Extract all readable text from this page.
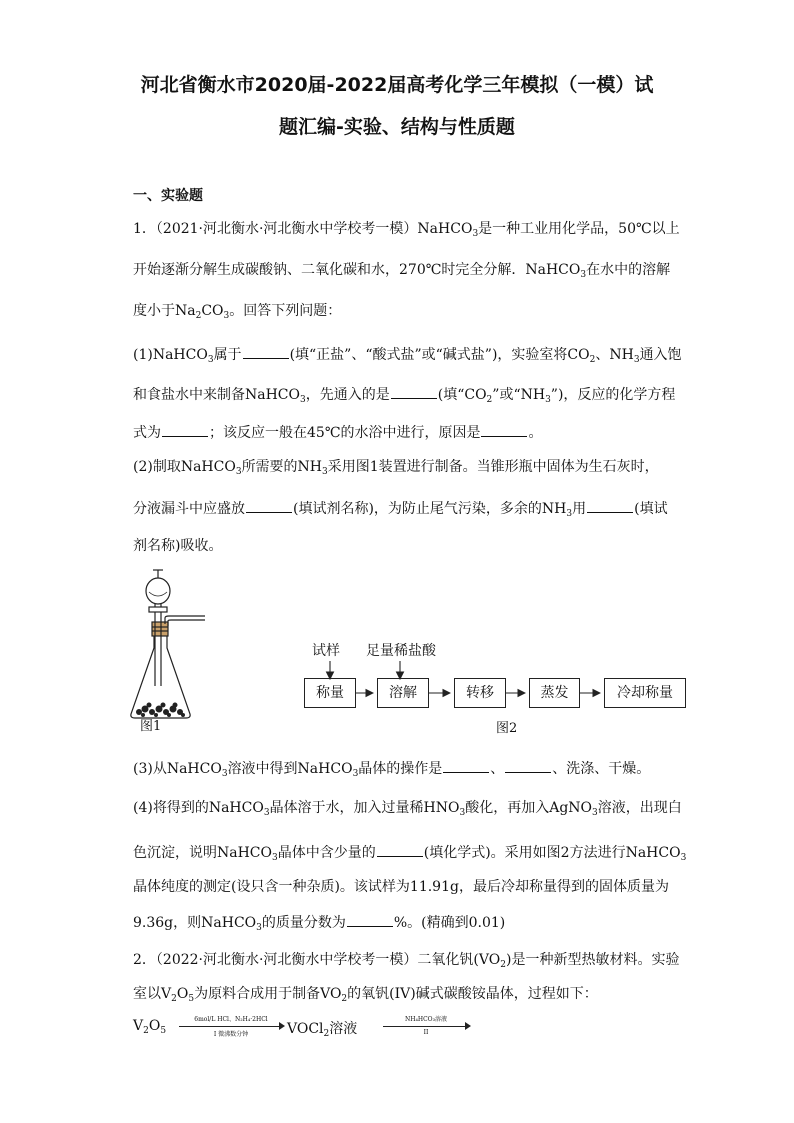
河北省衡水市2020届-2022届高考化学三年模拟（一模）试
题汇编-实验、结构与性质题
一、实验题
1．（2021·河北衡水·河北衡水中学校考一模）NaHCO$_3$是一种工业用化学品，50℃以上
开始逐渐分解生成碳酸钠、二氧化碳和水，270℃时完全分解．NaHCO$_3$在水中的溶解
度小于$Na_2CO_3$。回答下列问题：
(1)NaHCO$_3$属于	(填“正盐”、“酸式盐”或“碱式盐”)，实验室将$CO_2$、$NH_3$通入饱
和食盐水中来制备NaHCO$_3$，先通入的是	(填“$CO_2$”或“$NH_3$”)，反应的化学方程
式为	；该反应一般在45℃的水浴中进行，原因是	。
(2)制取NaHCO$_3$所需要的$NH_3$采用图1装置进行制备。当锥形瓶中固体为生石灰时，
分液漏斗中应盛放	(填试剂名称)，为防止尾气污染，多余的$NH_3$用	(填试
剂名称)吸收。
图1
试样 足量稀盐酸
称量	溶解	转移	蒸发	冷却称量
图2
(3)从NaHCO$_3$溶液中得到NaHCO$_3$晶体的操作是	、	、洗涤、干燥。
(4)将得到的NaHCO$_3$晶体溶于水，加入过量稀$HNO_3$酸化，再加入AgNO$_3$溶液，出现白
色沉淀，说明NaHCO$_3$晶体中含少量的	(填化学式)。采用如图2方法进行NaHCO$_3$
晶体纯度的测定(设只含一种杂质)。该试样为11.91g，最后冷却称量得到的固体质量为
9.36g，则NaHCO$_3$的质量分数为	%。(精确到0.01)
2．（2022·河北衡水·河北衡水中学校考一模）二氧化钒$(VO_2)$是一种新型热敏材料。实验
室以$V_2O_5$为原料合成用于制备$VO_2$的氧钒(IV)碱式碳酸铵晶体，过程如下：
$V_2O_5$
6mol/L HCl、N₂H₄·2HCl
I 微沸数分钟	VOCl$_2$溶液
NH₄HCO₃溶液
II
